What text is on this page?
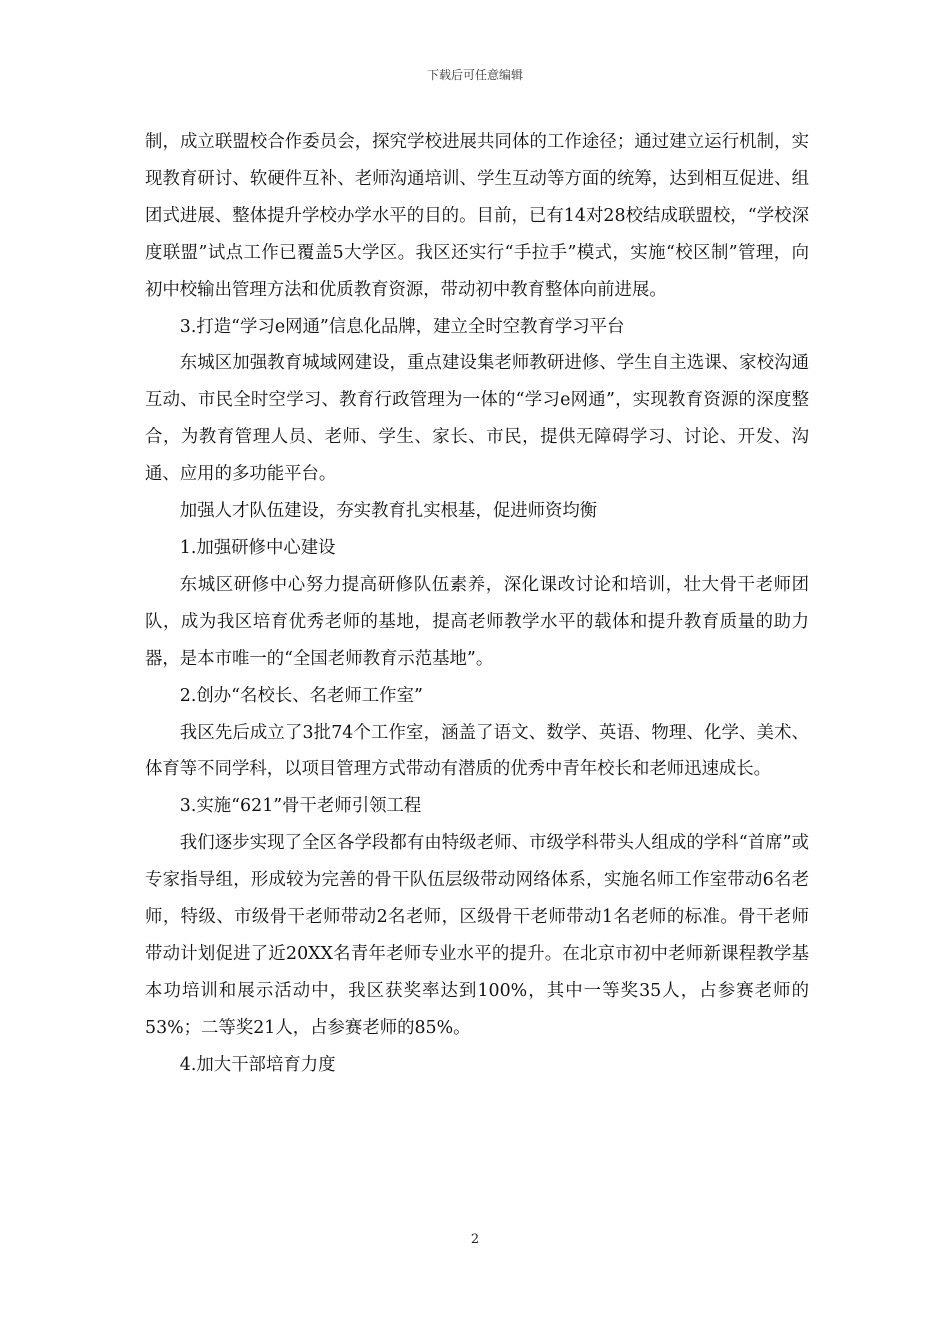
下载后可任意编辑

制，成立联盟校合作委员会，探究学校进展共同体的工作途径；通过建立运行机制，实现教育研讨、软硬件互补、老师沟通培训、学生互动等方面的统筹，达到相互促进、组团式进展、整体提升学校办学水平的目的。目前，已有14对28校结成联盟校，“学校深度联盟”试点工作已覆盖5大学区。我区还实行“手拉手”模式，实施“校区制”管理，向初中校输出管理方法和优质教育资源，带动初中教育整体向前进展。

3.打造“学习e网通”信息化品牌，建立全时空教育学习平台

东城区加强教育城域网建设，重点建设集老师教研进修、学生自主选课、家校沟通互动、市民全时空学习、教育行政管理为一体的“学习e网通”，实现教育资源的深度整合，为教育管理人员、老师、学生、家长、市民，提供无障碍学习、讨论、开发、沟通、应用的多功能平台。

加强人才队伍建设，夯实教育扎实根基，促进师资均衡

1.加强研修中心建设

东城区研修中心努力提高研修队伍素养，深化课改讨论和培训，壮大骨干老师团队，成为我区培育优秀老师的基地，提高老师教学水平的载体和提升教育质量的助力器，是本市唯一的“全国老师教育示范基地”。

2.创办“名校长、名老师工作室”

我区先后成立了3批74个工作室，涵盖了语文、数学、英语、物理、化学、美术、体育等不同学科，以项目管理方式带动有潜质的优秀中青年校长和老师迅速成长。

3.实施“621”骨干老师引领工程

我们逐步实现了全区各学段都有由特级老师、市级学科带头人组成的学科“首席”或专家指导组，形成较为完善的骨干队伍层级带动网络体系，实施名师工作室带动6名老师，特级、市级骨干老师带动2名老师，区级骨干老师带动1名老师的标准。骨干老师带动计划促进了近20XX名青年老师专业水平的提升。在北京市初中老师新课程教学基本功培训和展示活动中，我区获奖率达到100%，其中一等奖35人，占参赛老师的53%；二等奖21人，占参赛老师的85%。

4.加大干部培育力度

2
